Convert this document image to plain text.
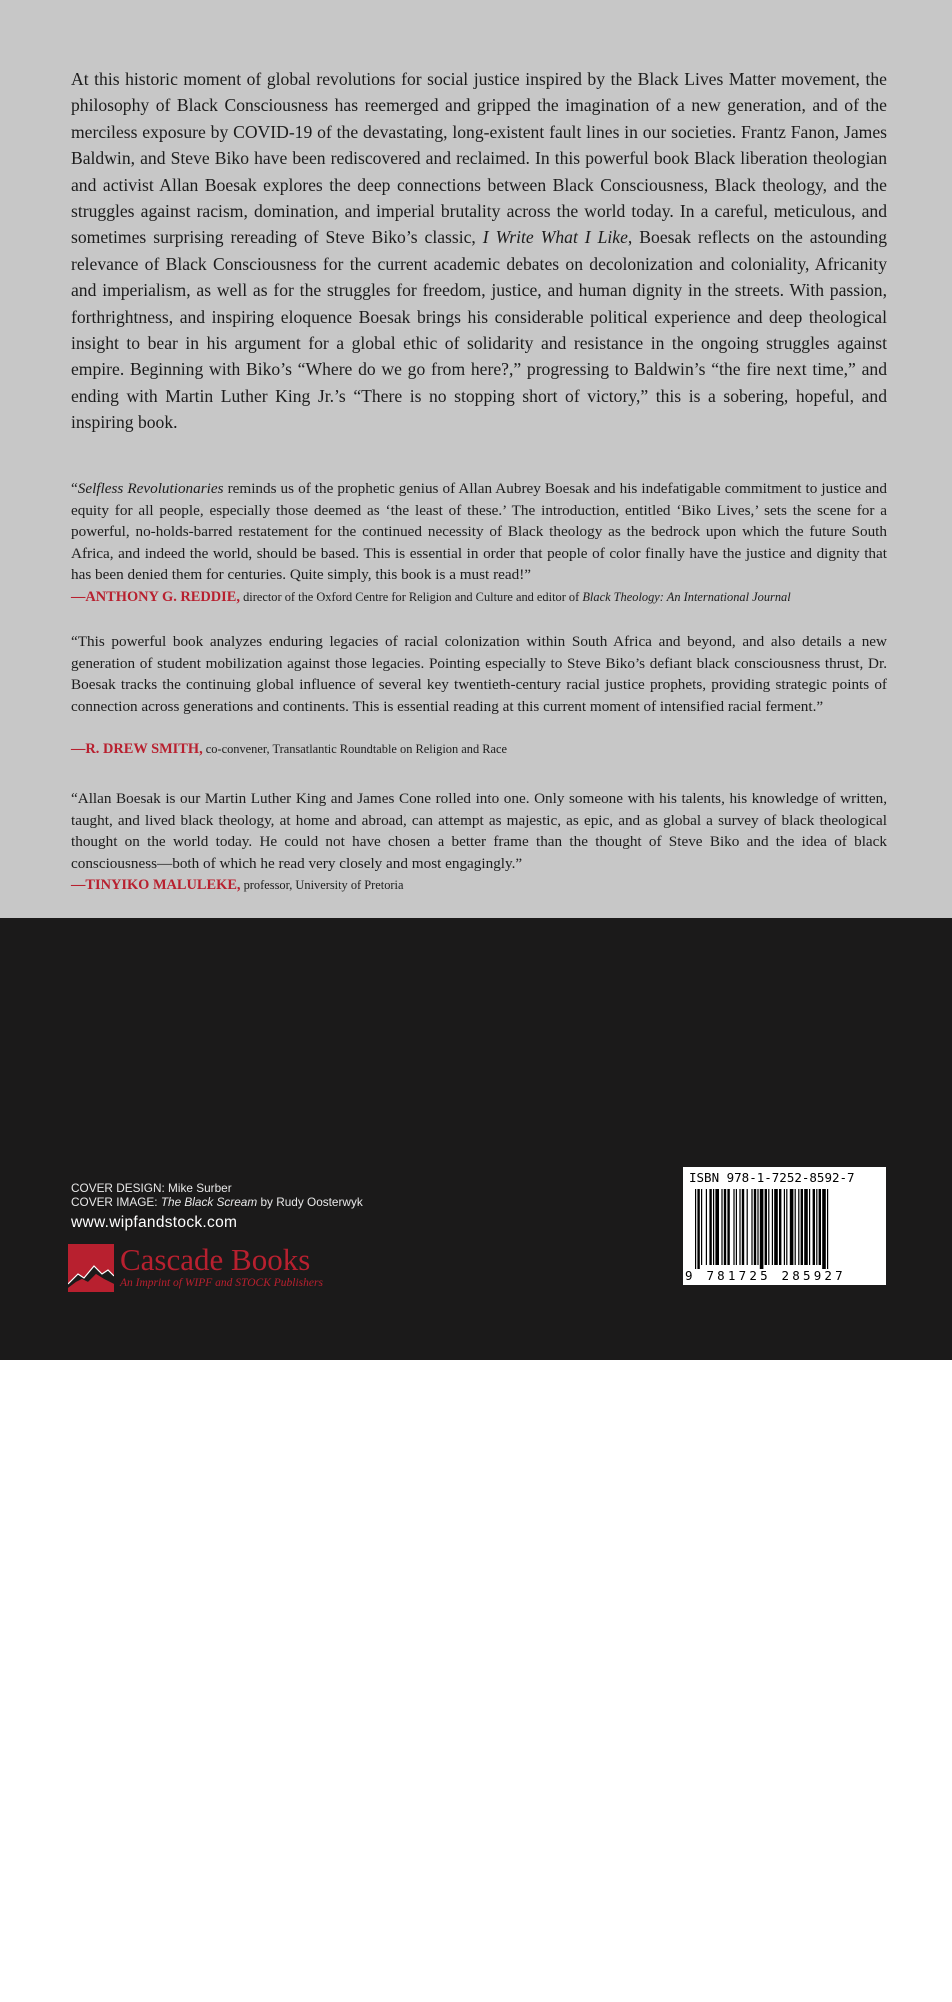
At this historic moment of global revolutions for social justice inspired by the Black Lives Matter movement, the philosophy of Black Consciousness has reemerged and gripped the imagination of a new generation, and of the merciless exposure by COVID-19 of the devastating, long-existent fault lines in our societies. Frantz Fanon, James Baldwin, and Steve Biko have been rediscovered and reclaimed. In this powerful book Black liberation theologian and activist Allan Boesak explores the deep connections between Black Consciousness, Black theology, and the struggles against racism, domination, and imperial brutality across the world today. In a careful, meticulous, and sometimes surprising rereading of Steve Biko’s classic, I Write What I Like, Boesak reflects on the astounding relevance of Black Consciousness for the current academic debates on decolonization and coloniality, Africanity and imperialism, as well as for the struggles for freedom, justice, and human dignity in the streets. With passion, forthrightness, and inspiring eloquence Boesak brings his considerable political experience and deep theological insight to bear in his argument for a global ethic of solidarity and resistance in the ongoing struggles against empire. Beginning with Biko’s “Where do we go from here?,” progressing to Baldwin’s “the fire next time,” and ending with Martin Luther King Jr.’s “There is no stopping short of victory,” this is a sobering, hopeful, and inspiring book.

“Selfless Revolutionaries reminds us of the prophetic genius of Allan Aubrey Boesak and his indefatigable commitment to justice and equity for all people, especially those deemed as ‘the least of these.’ The introduction, entitled ‘Biko Lives,’ sets the scene for a powerful, no-holds-barred restatement for the continued necessity of Black theology as the bedrock upon which the future South Africa, and indeed the world, should be based. This is essential in order that people of color finally have the justice and dignity that has been denied them for centuries. Quite simply, this book is a must read!”

—ANTHONY G. REDDIE, director of the Oxford Centre for Religion and Culture and editor of Black Theology: An International Journal

“This powerful book analyzes enduring legacies of racial colonization within South Africa and beyond, and also details a new generation of student mobilization against those legacies. Pointing especially to Steve Biko’s defiant black consciousness thrust, Dr. Boesak tracks the continuing global influence of several key twentieth-century racial justice prophets, providing strategic points of connection across generations and continents. This is essential reading at this current moment of intensified racial ferment.”

—R. DREW SMITH, co-convener, Transatlantic Roundtable on Religion and Race

“Allan Boesak is our Martin Luther King and James Cone rolled into one. Only someone with his talents, his knowledge of written, taught, and lived black theology, at home and abroad, can attempt as majestic, as epic, and as global a survey of black theological thought on the world today. He could not have chosen a better frame than the thought of Steve Biko and the idea of black consciousness—both of which he read very closely and most engagingly.”

—TINYIKO MALULEKE, professor, University of Pretoria

Allan Aubrey Boesak is a South African liberation theologian, global human rights activist, and professor of Black Liberation Ethics at the University of Pretoria. Inducted into the Martin Luther King Jr. International Board of Preachers, he is the award-winning author of several books, including Children of the Waters of Meribah: Black Liberation Theology, the Miriamic Tradition, and the Challenges of 21st Century Empire (2019).

COVER DESIGN: Mike Surber
COVER IMAGE: The Black Scream by Rudy Oosterwyk
www.wipfandstock.com
Cascade Books
An Imprint of WIPF and STOCK Publishers
ISBN 978-1-7252-8592-7
9 781725 285927
